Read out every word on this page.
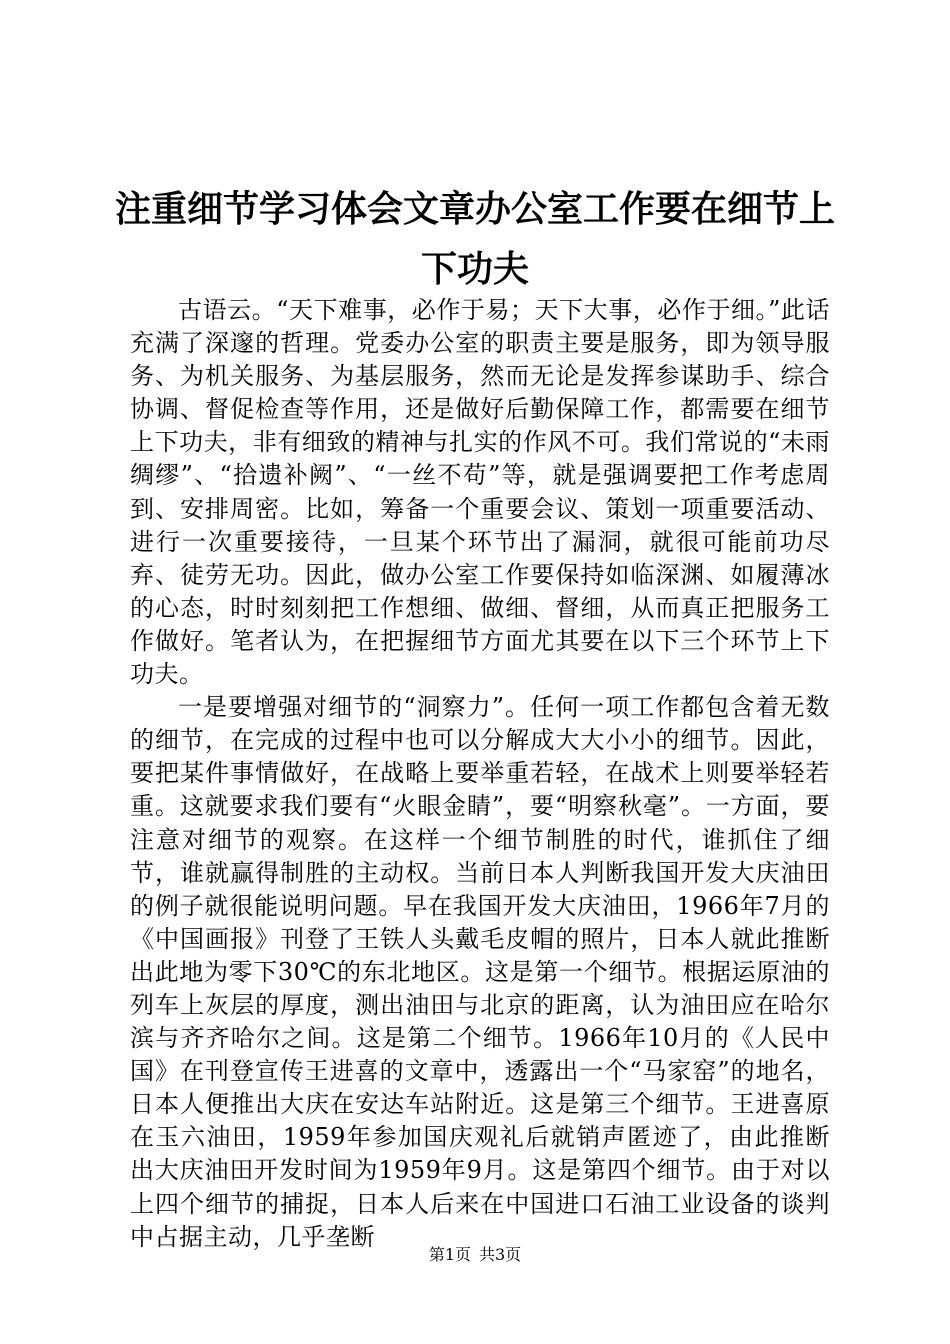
注重细节学习体会文章办公室工作要在细节上下功夫

古语云。“天下难事，必作于易；天下大事，必作于细。”此话充满了深邃的哲理。党委办公室的职责主要是服务，即为领导服务、为机关服务、为基层服务，然而无论是发挥参谋助手、综合协调、督促检查等作用，还是做好后勤保障工作，都需要在细节上下功夫，非有细致的精神与扎实的作风不可。我们常说的“未雨绸缪”、“拾遗补阙”、“一丝不苟”等，就是强调要把工作考虑周到、安排周密。比如，筹备一个重要会议、策划一项重要活动、进行一次重要接待，一旦某个环节出了漏洞，就很可能前功尽弃、徒劳无功。因此，做办公室工作要保持如临深渊、如履薄冰的心态，时时刻刻把工作想细、做细、督细，从而真正把服务工作做好。笔者认为，在把握细节方面尤其要在以下三个环节上下功夫。

一是要增强对细节的“洞察力”。任何一项工作都包含着无数的细节，在完成的过程中也可以分解成大大小小的细节。因此，要把某件事情做好，在战略上要举重若轻，在战术上则要举轻若重。这就要求我们要有“火眼金睛”，要“明察秋毫”。一方面，要注意对细节的观察。在这样一个细节制胜的时代，谁抓住了细节，谁就赢得制胜的主动权。当前日本人判断我国开发大庆油田的例子就很能说明问题。早在我国开发大庆油田，1966年7月的《中国画报》刊登了王铁人头戴毛皮帽的照片，日本人就此推断出此地为零下30℃的东北地区。这是第一个细节。根据运原油的列车上灰层的厚度，测出油田与北京的距离，认为油田应在哈尔滨与齐齐哈尔之间。这是第二个细节。1966年10月的《人民中国》在刊登宣传王进喜的文章中，透露出一个“马家窑”的地名，日本人便推出大庆在安达车站附近。这是第三个细节。王进喜原在玉六油田，1959年参加国庆观礼后就销声匿迹了，由此推断出大庆油田开发时间为1959年9月。这是第四个细节。由于对以上四个细节的捕捉，日本人后来在中国进口石油工业设备的谈判中占据主动，几乎垄断

第1页 共3页
